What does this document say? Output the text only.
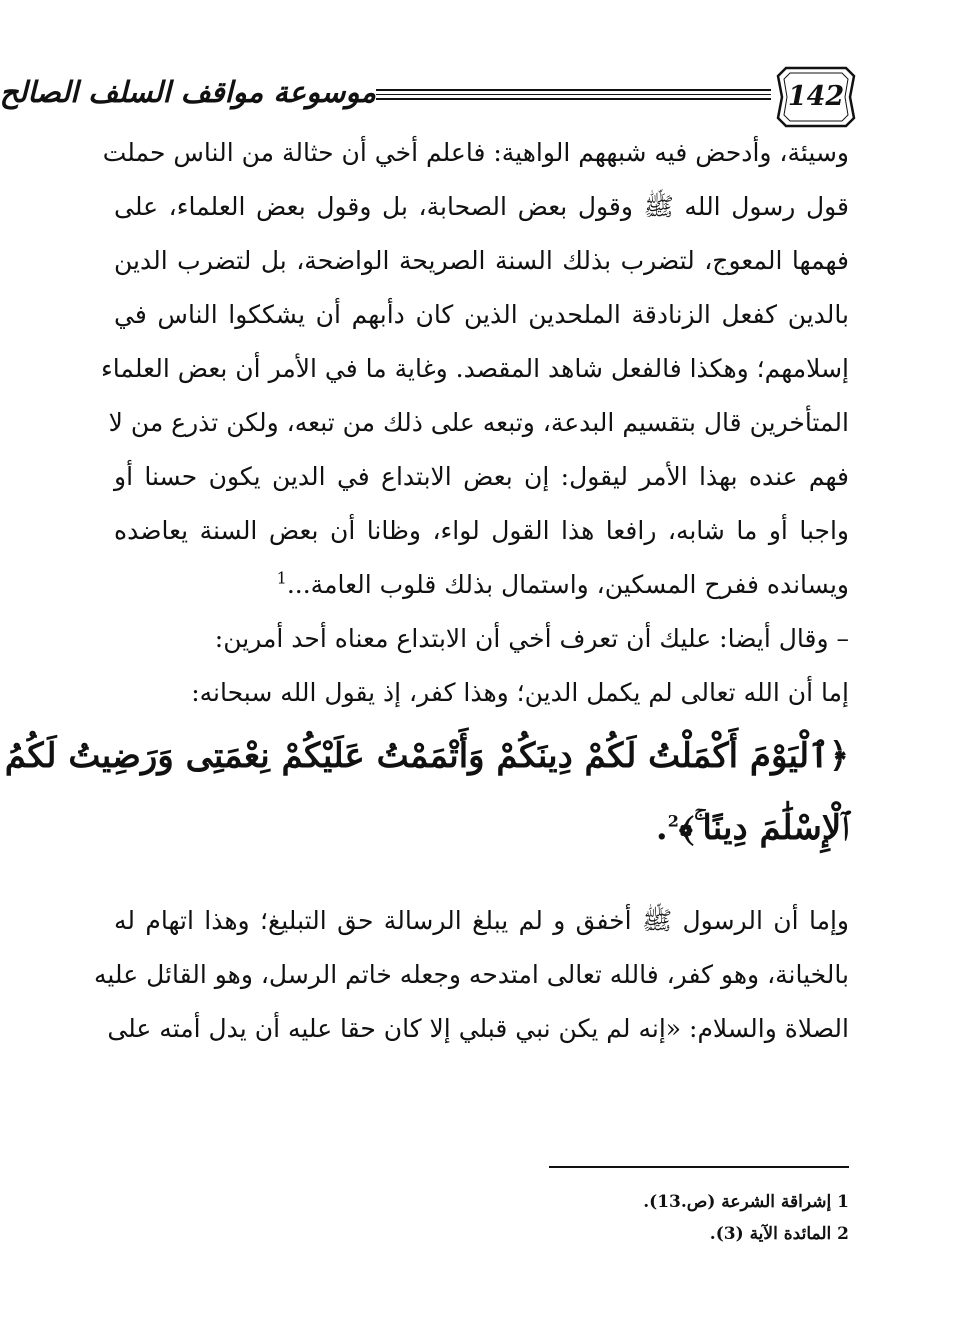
موسوعة مواقف السلف الصالح	142
وسيئة، وأدحض فيه شبههم الواهية: فاعلم أخي أن حثالة من الناس حملت
قول رسول الله ﷺ وقول بعض الصحابة، بل وقول بعض العلماء، على
فهمها المعوج، لتضرب بذلك السنة الصريحة الواضحة، بل لتضرب الدين
بالدين كفعل الزنادقة الملحدين الذين كان دأبهم أن يشككوا الناس في
إسلامهم؛ وهكذا فالفعل شاهد المقصد. وغاية ما في الأمر أن بعض العلماء
المتأخرين قال بتقسيم البدعة، وتبعه على ذلك من تبعه، ولكن تذرع من لا
فهم عنده بهذا الأمر ليقول: إن بعض الابتداع في الدين يكون حسنا أو
واجبا أو ما شابه، رافعا هذا القول لواء، وظانا أن بعض السنة يعاضده
ويسانده ففرح المسكين، واستمال بذلك قلوب العامة...$^1$
– وقال أيضا: عليك أن تعرف أخي أن الابتداع معناه أحد أمرين:
إما أن الله تعالى لم يكمل الدين؛ وهذا كفر، إذ يقول الله سبحانه:
﴿ٱلْيَوْمَ أَكْمَلْتُ لَكُمْ دِينَكُمْ وَأَتْمَمْتُ عَلَيْكُمْ نِعْمَتِى وَرَضِيتُ لَكُمُ
ٱلْإِسْلَٰمَ دِينًا ۚ﴾$^2$.
وإما أن الرسول ﷺ أخفق و لم يبلغ الرسالة حق التبليغ؛ وهذا اتهام له
بالخيانة، وهو كفر، فالله تعالى امتدحه وجعله خاتم الرسل، وهو القائل عليه
الصلاة والسلام: «إنه لم يكن نبي قبلي إلا كان حقا عليه أن يدل أمته على
1 إشراقة الشرعة (ص.13).
2 المائدة الآية (3).
